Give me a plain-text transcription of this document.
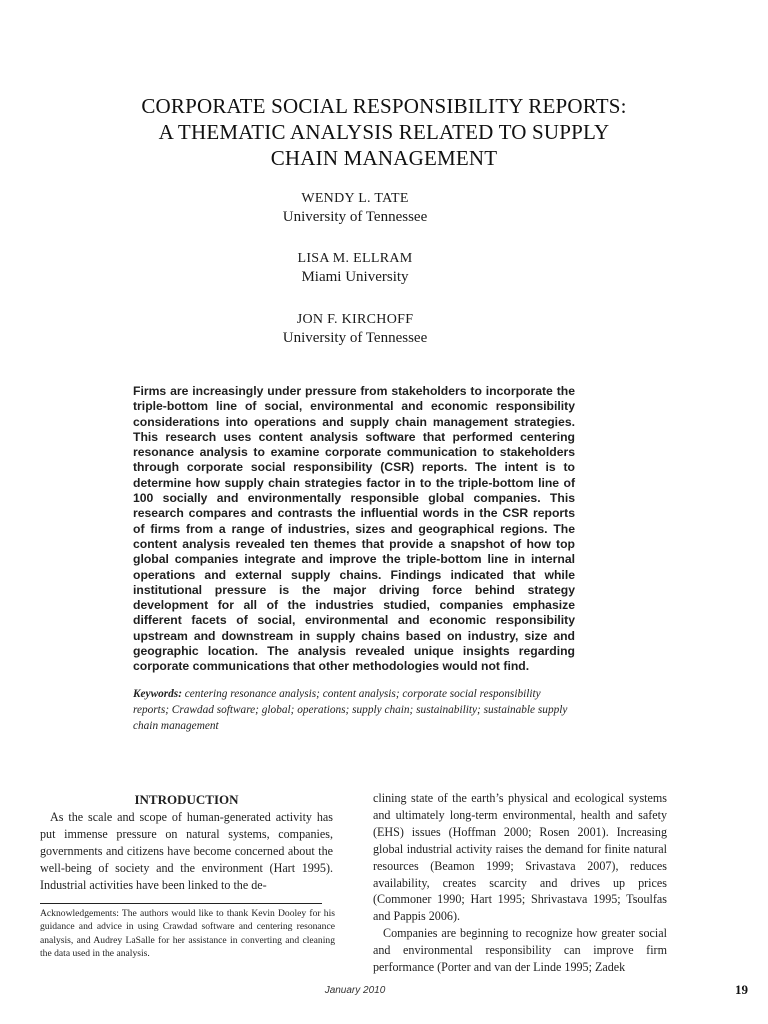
CORPORATE SOCIAL RESPONSIBILITY REPORTS:
A THEMATIC ANALYSIS RELATED TO SUPPLY
CHAIN MANAGEMENT
WENDY L. TATE
University of Tennessee
LISA M. ELLRAM
Miami University
JON F. KIRCHOFF
University of Tennessee
Firms are increasingly under pressure from stakeholders to incorporate the triple-bottom line of social, environmental and economic responsibility considerations into operations and supply chain management strategies. This research uses content analysis software that performed centering resonance analysis to examine corporate communication to stakeholders through corporate social responsibility (CSR) reports. The intent is to determine how supply chain strategies factor in to the triple-bottom line of 100 socially and environmentally responsible global companies. This research compares and contrasts the influential words in the CSR reports of firms from a range of industries, sizes and geographical regions. The content analysis revealed ten themes that provide a snapshot of how top global companies integrate and improve the triple-bottom line in internal operations and external supply chains. Findings indicated that while institutional pressure is the major driving force behind strategy development for all of the industries studied, companies emphasize different facets of social, environmental and economic responsibility upstream and downstream in supply chains based on industry, size and geographic location. The analysis revealed unique insights regarding corporate communications that other methodologies would not find.
Keywords: centering resonance analysis; content analysis; corporate social responsibility reports; Crawdad software; global; operations; supply chain; sustainability; sustainable supply chain management
INTRODUCTION

As the scale and scope of human-generated activity has put immense pressure on natural systems, companies, governments and citizens have become concerned about the well-being of society and the environment (Hart 1995). Industrial activities have been linked to the de-

clining state of the earth’s physical and ecological systems and ultimately long-term environmental, health and safety (EHS) issues (Hoffman 2000; Rosen 2001). Increasing global industrial activity raises the demand for finite natural resources (Beamon 1999; Srivastava 2007), reduces availability, creates scarcity and drives up prices (Commoner 1990; Hart 1995; Shrivastava 1995; Tsoulfas and Pappis 2006).

Companies are beginning to recognize how greater social and environmental responsibility can improve firm performance (Porter and van der Linde 1995; Zadek

Acknowledgements: The authors would like to thank Kevin Dooley for his guidance and advice in using Crawdad software and centering resonance analysis, and Audrey LaSalle for her assistance in converting and cleaning the data used in the analysis.
January 2010	19
